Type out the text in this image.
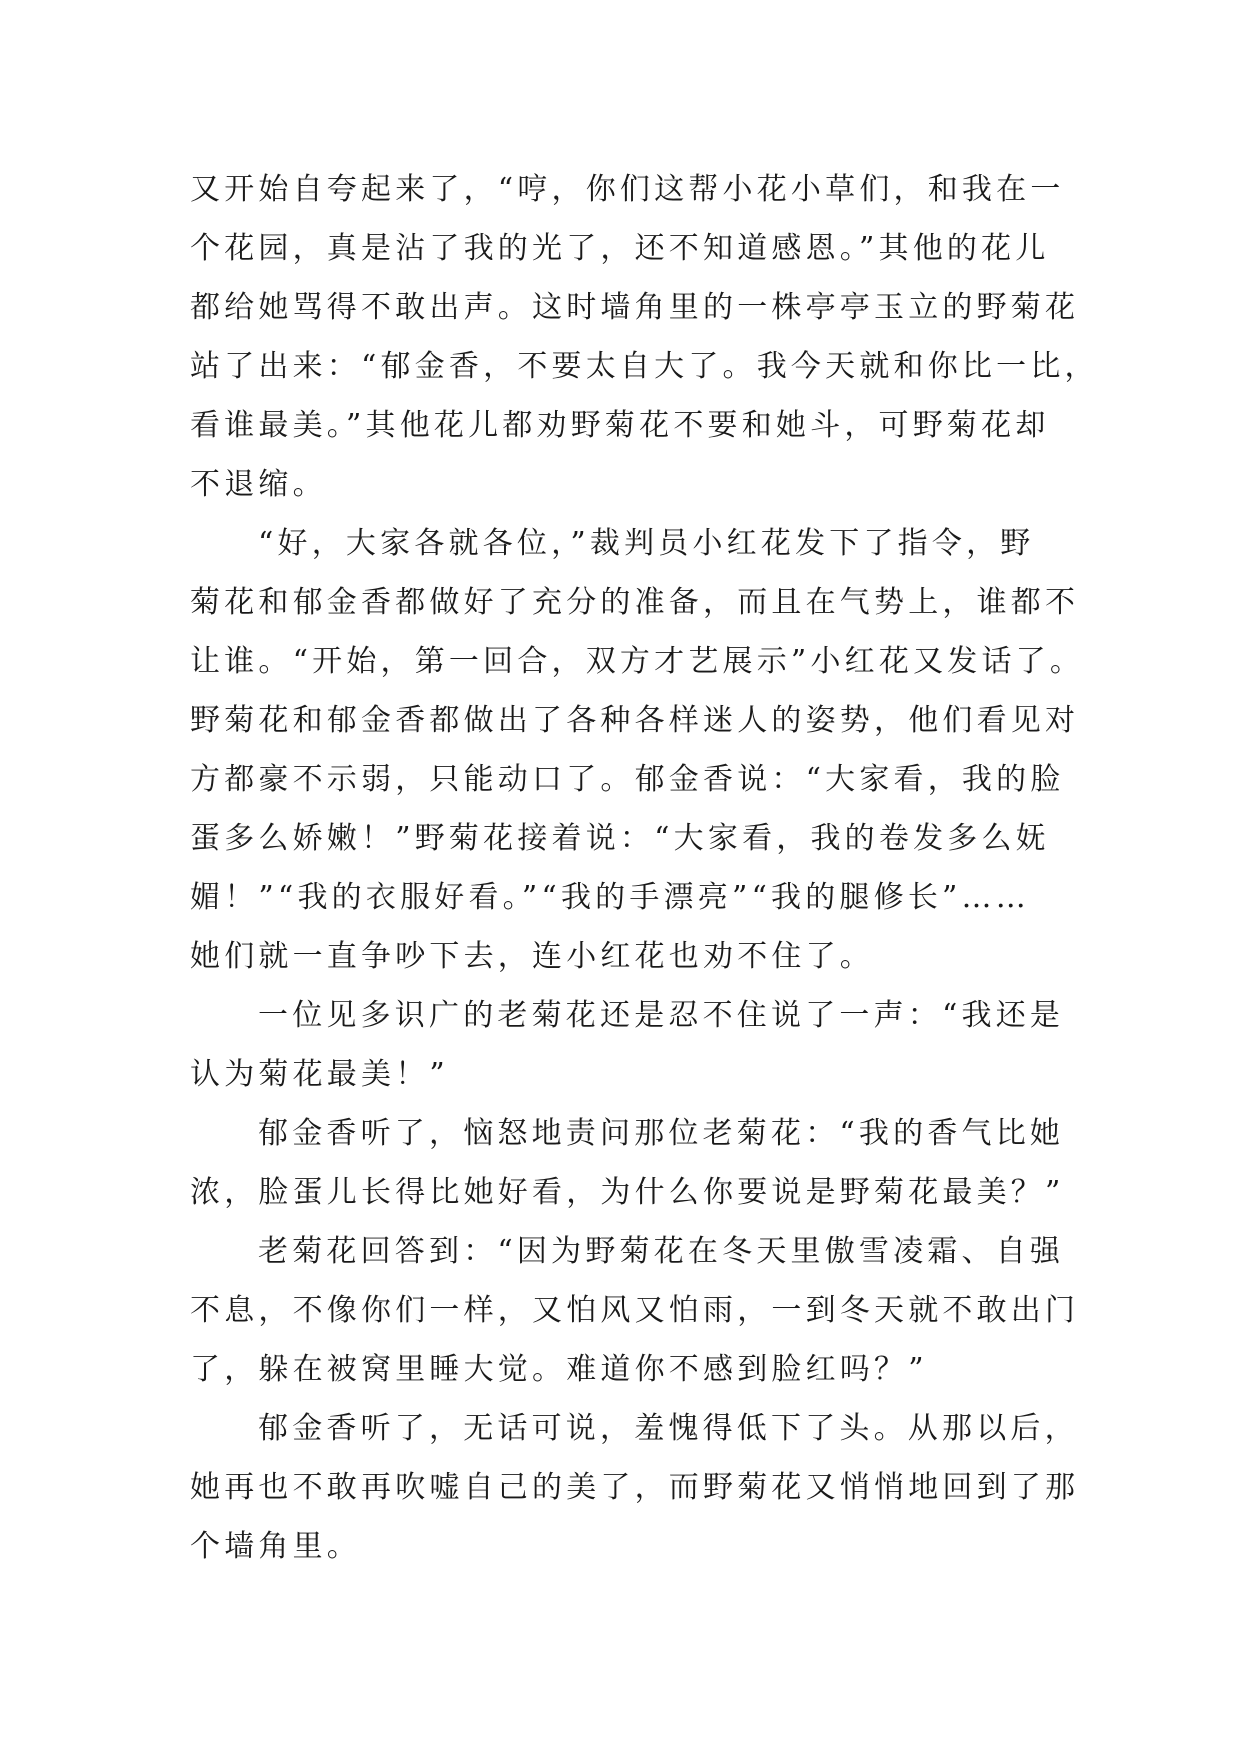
又开始自夸起来了，“哼，你们这帮小花小草们，和我在一
个花园，真是沾了我的光了，还不知道感恩。”其他的花儿
都给她骂得不敢出声。这时墙角里的一株亭亭玉立的野菊花
站了出来：“郁金香，不要太自大了。我今天就和你比一比，
看谁最美。”其他花儿都劝野菊花不要和她斗，可野菊花却
不退缩。
“好，大家各就各位，”裁判员小红花发下了指令，野
菊花和郁金香都做好了充分的准备，而且在气势上，谁都不
让谁。“开始，第一回合，双方才艺展示”小红花又发话了。
野菊花和郁金香都做出了各种各样迷人的姿势，他们看见对
方都豪不示弱，只能动口了。郁金香说：“大家看，我的脸
蛋多么娇嫩！”野菊花接着说：“大家看，我的卷发多么妩
媚！”“我的衣服好看。”“我的手漂亮”“我的腿修长”……
她们就一直争吵下去，连小红花也劝不住了。
一位见多识广的老菊花还是忍不住说了一声：“我还是
认为菊花最美！”
郁金香听了，恼怒地责问那位老菊花：“我的香气比她
浓，脸蛋儿长得比她好看，为什么你要说是野菊花最美？”
老菊花回答到：“因为野菊花在冬天里傲雪凌霜、自强
不息，不像你们一样，又怕风又怕雨，一到冬天就不敢出门
了，躲在被窝里睡大觉。难道你不感到脸红吗？”
郁金香听了，无话可说，羞愧得低下了头。从那以后，
她再也不敢再吹嘘自己的美了，而野菊花又悄悄地回到了那
个墙角里。
